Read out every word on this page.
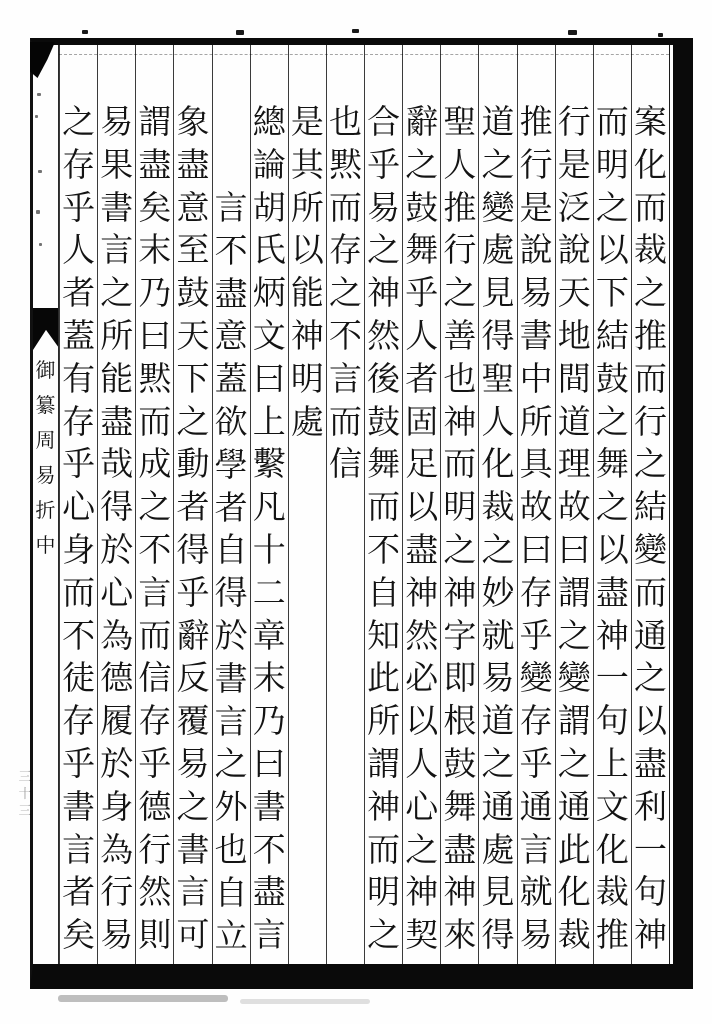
御
纂
周
易
折
中
案
化
而
裁
之
推
而
行
之
結
變
而
通
之
以
盡
利
一
句
神
而
明
之
以
下
結
鼓
之
舞
之
以
盡
神
一
句
上
文
化
裁
推
行
是
泛
說
天
地
間
道
理
故
曰
謂
之
變
謂
之
通
此
化
裁
推
行
是
說
易
書
中
所
具
故
曰
存
乎
變
存
乎
通
言
就
易
道
之
變
處
見
得
聖
人
化
裁
之
妙
就
易
道
之
通
處
見
得
聖
人
推
行
之
善
也
神
而
明
之
神
字
即
根
鼓
舞
盡
神
來
辭
之
鼓
舞
乎
人
者
固
足
以
盡
神
然
必
以
人
心
之
神
契
合
乎
易
之
神
然
後
鼓
舞
而
不
自
知
此
所
謂
神
而
明
之
也
黙
而
存
之
不
言
而
信
是
其
所
以
能
神
明
處
總
論
胡
氏
炳
文
曰
上
繫
凡
十
二
章
末
乃
曰
書
不
盡
言
言
不
盡
意
蓋
欲
學
者
自
得
於
書
言
之
外
也
自
立
象
盡
意
至
鼓
天
下
之
動
者
得
乎
辭
反
覆
易
之
書
言
可
謂
盡
矣
末
乃
曰
黙
而
成
之
不
言
而
信
存
乎
德
行
然
則
易
果
書
言
之
所
能
盡
哉
得
於
心
為
德
履
於
身
為
行
易
之
存
乎
人
者
蓋
有
存
乎
心
身
而
不
徒
存
乎
書
言
者
矣
三
十
三
